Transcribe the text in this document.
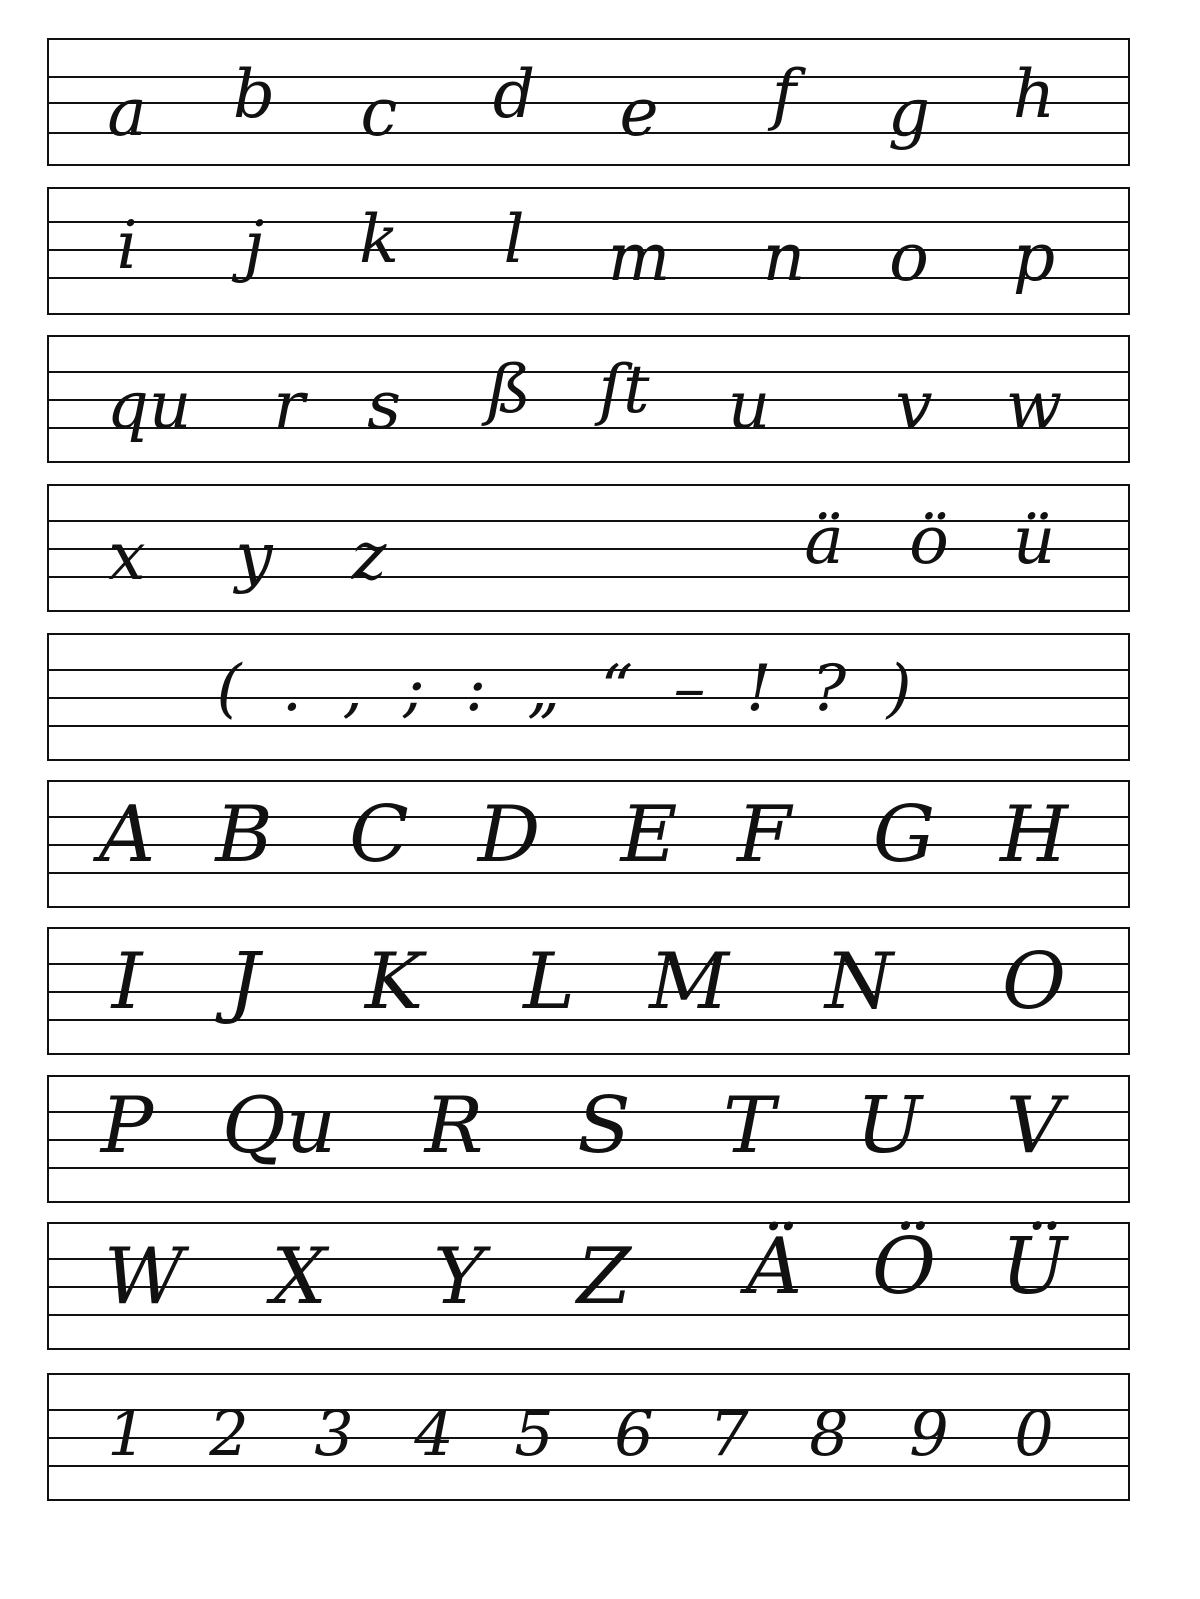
a b c d e f g h
i j k l m n o p
qu r s ß ſt u v w
x y z	ä ö ü
( . , ; : „ “ – ! ? )
A B C D E F G H
I J K L M N O
P Qu R S T U V
W X Y Z Ä Ö Ü
1 2 3 4 5 6 7 8 9 0
